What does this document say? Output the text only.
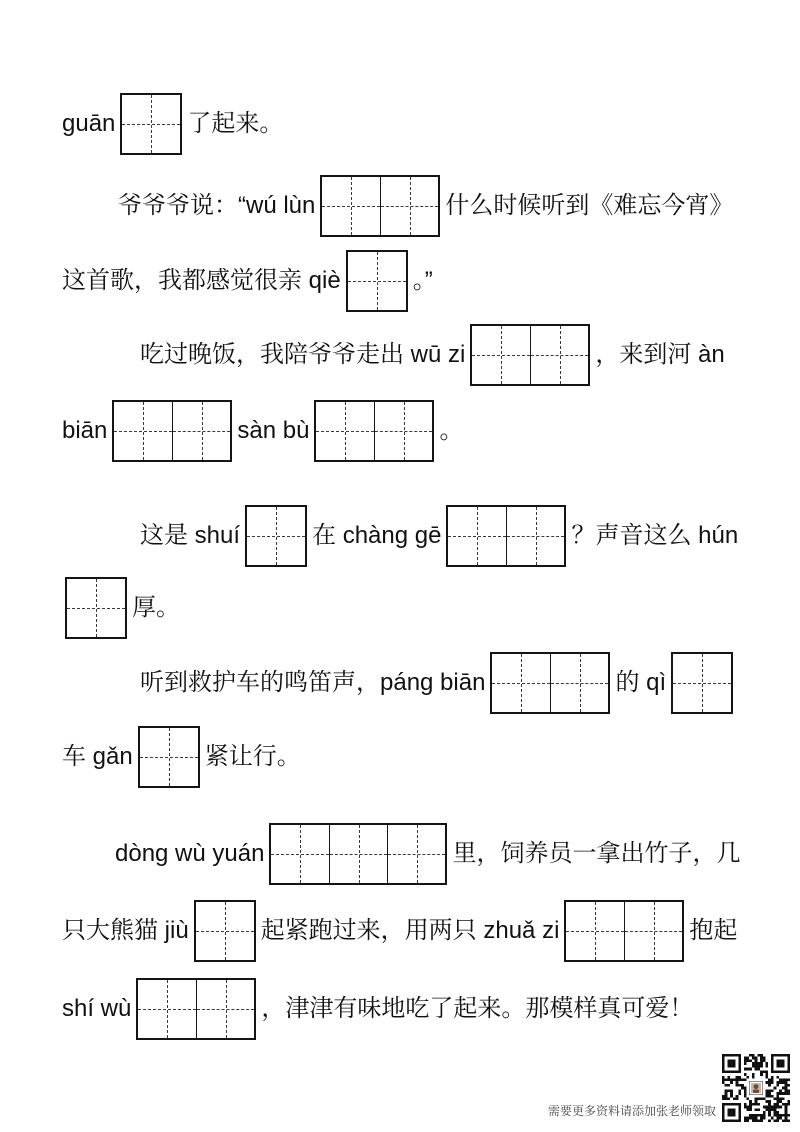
guān	了起来。
爷爷爷说：“wú lùn	什么时候听到《难忘今宵》
这首歌，我都感觉很亲 qiè	。”
吃过晚饭，我陪爷爷走出 wū zi	，来到河 àn
biān	sàn bù	。
这是 shuí	在 chàng gē	？声音这么 hún
厚。
听到救护车的鸣笛声，páng biān	的 qì
车 gǎn	紧让行。
dòng wù yuán	里，饲养员一拿出竹子，几
只大熊猫 jiù	起紧跑过来，用两只 zhuǎ zi	抱起
shí wù	，津津有味地吃了起来。那模样真可爱！
需要更多资料请添加张老师领取
